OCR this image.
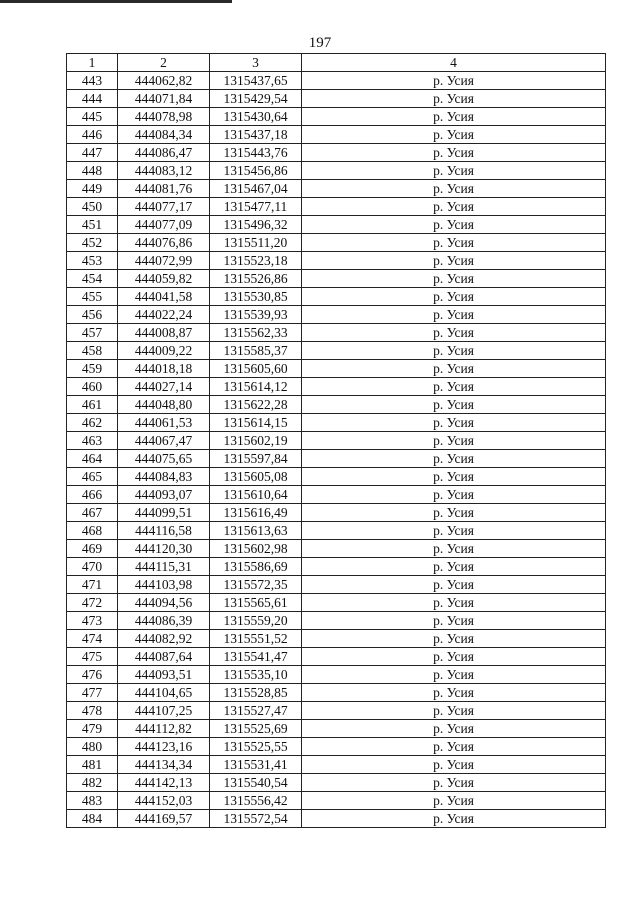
197
1	2	3	4
443	444062,82	1315437,65	р. Усия
444	444071,84	1315429,54	р. Усия
445	444078,98	1315430,64	р. Усия
446	444084,34	1315437,18	р. Усия
447	444086,47	1315443,76	р. Усия
448	444083,12	1315456,86	р. Усия
449	444081,76	1315467,04	р. Усия
450	444077,17	1315477,11	р. Усия
451	444077,09	1315496,32	р. Усия
452	444076,86	1315511,20	р. Усия
453	444072,99	1315523,18	р. Усия
454	444059,82	1315526,86	р. Усия
455	444041,58	1315530,85	р. Усия
456	444022,24	1315539,93	р. Усия
457	444008,87	1315562,33	р. Усия
458	444009,22	1315585,37	р. Усия
459	444018,18	1315605,60	р. Усия
460	444027,14	1315614,12	р. Усия
461	444048,80	1315622,28	р. Усия
462	444061,53	1315614,15	р. Усия
463	444067,47	1315602,19	р. Усия
464	444075,65	1315597,84	р. Усия
465	444084,83	1315605,08	р. Усия
466	444093,07	1315610,64	р. Усия
467	444099,51	1315616,49	р. Усия
468	444116,58	1315613,63	р. Усия
469	444120,30	1315602,98	р. Усия
470	444115,31	1315586,69	р. Усия
471	444103,98	1315572,35	р. Усия
472	444094,56	1315565,61	р. Усия
473	444086,39	1315559,20	р. Усия
474	444082,92	1315551,52	р. Усия
475	444087,64	1315541,47	р. Усия
476	444093,51	1315535,10	р. Усия
477	444104,65	1315528,85	р. Усия
478	444107,25	1315527,47	р. Усия
479	444112,82	1315525,69	р. Усия
480	444123,16	1315525,55	р. Усия
481	444134,34	1315531,41	р. Усия
482	444142,13	1315540,54	р. Усия
483	444152,03	1315556,42	р. Усия
484	444169,57	1315572,54	р. Усия
